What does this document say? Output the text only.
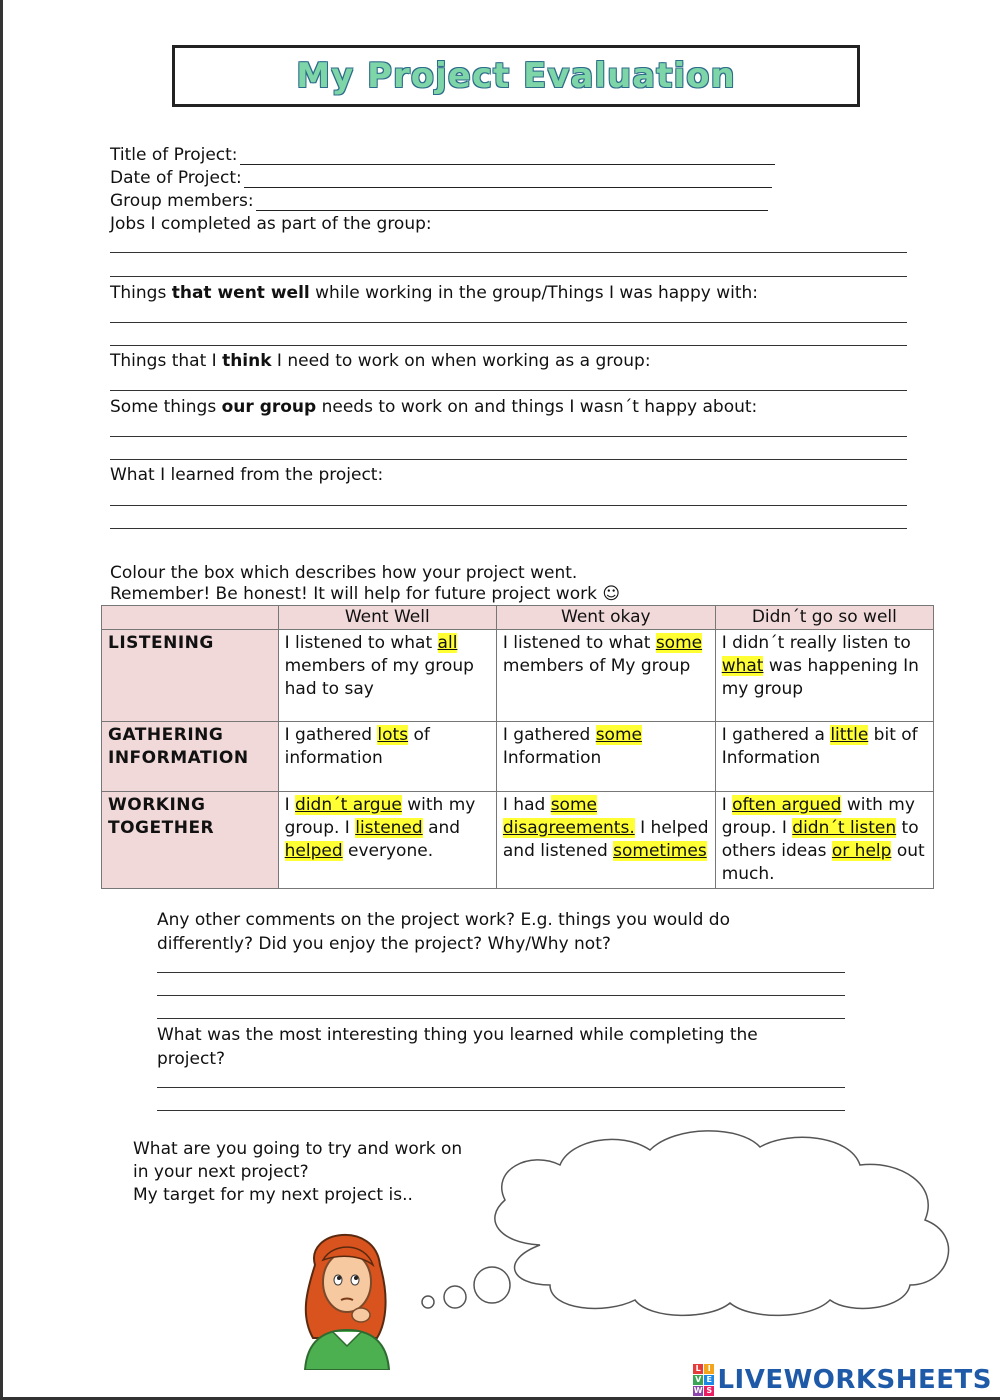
My Project Evaluation
Title of Project:
Date of Project:
Group members:
Jobs I completed as part of the group:
Things that went well while working in the group/Things I was happy with:
Things that I think I need to work on when working as a group:
Some things our group needs to work on and things I wasn´t happy about:
What I learned from the project:
Colour the box which describes how your project went.
Remember! Be honest! It will help for future project work ☺
	Went Well	Went okay	Didn´t go so well

LISTENING	I listened to what all members of my group had to say	I listened to what some members of My group	I didn´t really listen to what was happening In my group

GATHERING
INFORMATION	I gathered lots of information	I gathered some Information	I gathered a little bit of Information

WORKING
TOGETHER	I didn´t argue with my group. I listened and helped everyone.	I had some disagreements. I helped and listened sometimes	I often argued with my group. I didn´t listen to others ideas or help out much.
Any other comments on the project work? E.g. things you would do
differently? Did you enjoy the project? Why/Why not?
What was the most interesting thing you learned while completing the
project?
What are you going to try and work on
in your next project?
My target for my next project is..
L I
V E
W S LIVEWORKSHEETS
